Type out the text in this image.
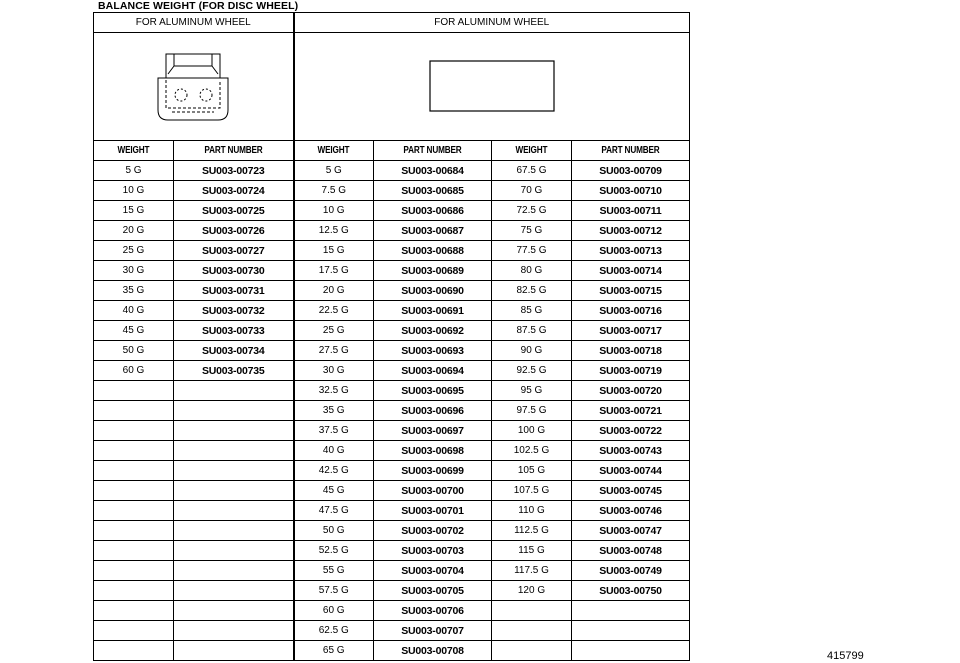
BALANCE WEIGHT (FOR DISC WHEEL)
FOR ALUMINUM WHEEL		FOR ALUMINUM WHEEL			

WEIGHT	PART NUMBER	WEIGHT	PART NUMBER	WEIGHT	PART NUMBER
5 G	SU003-00723	5 G	SU003-00684	67.5 G	SU003-00709
10 G	SU003-00724	7.5 G	SU003-00685	70 G	SU003-00710
15 G	SU003-00725	10 G	SU003-00686	72.5 G	SU003-00711
20 G	SU003-00726	12.5 G	SU003-00687	75 G	SU003-00712
25 G	SU003-00727	15 G	SU003-00688	77.5 G	SU003-00713
30 G	SU003-00730	17.5 G	SU003-00689	80 G	SU003-00714
35 G	SU003-00731	20 G	SU003-00690	82.5 G	SU003-00715
40 G	SU003-00732	22.5 G	SU003-00691	85 G	SU003-00716
45 G	SU003-00733	25 G	SU003-00692	87.5 G	SU003-00717
50 G	SU003-00734	27.5 G	SU003-00693	90 G	SU003-00718
60 G	SU003-00735	30 G	SU003-00694	92.5 G	SU003-00719
		32.5 G	SU003-00695	95 G	SU003-00720
		35 G	SU003-00696	97.5 G	SU003-00721
		37.5 G	SU003-00697	100 G	SU003-00722
		40 G	SU003-00698	102.5 G	SU003-00743
		42.5 G	SU003-00699	105 G	SU003-00744
		45 G	SU003-00700	107.5 G	SU003-00745
		47.5 G	SU003-00701	110 G	SU003-00746
		50 G	SU003-00702	112.5 G	SU003-00747
		52.5 G	SU003-00703	115 G	SU003-00748
		55 G	SU003-00704	117.5 G	SU003-00749
		57.5 G	SU003-00705	120 G	SU003-00750
		60 G	SU003-00706		
		62.5 G	SU003-00707		
		65 G	SU003-00708			415799
